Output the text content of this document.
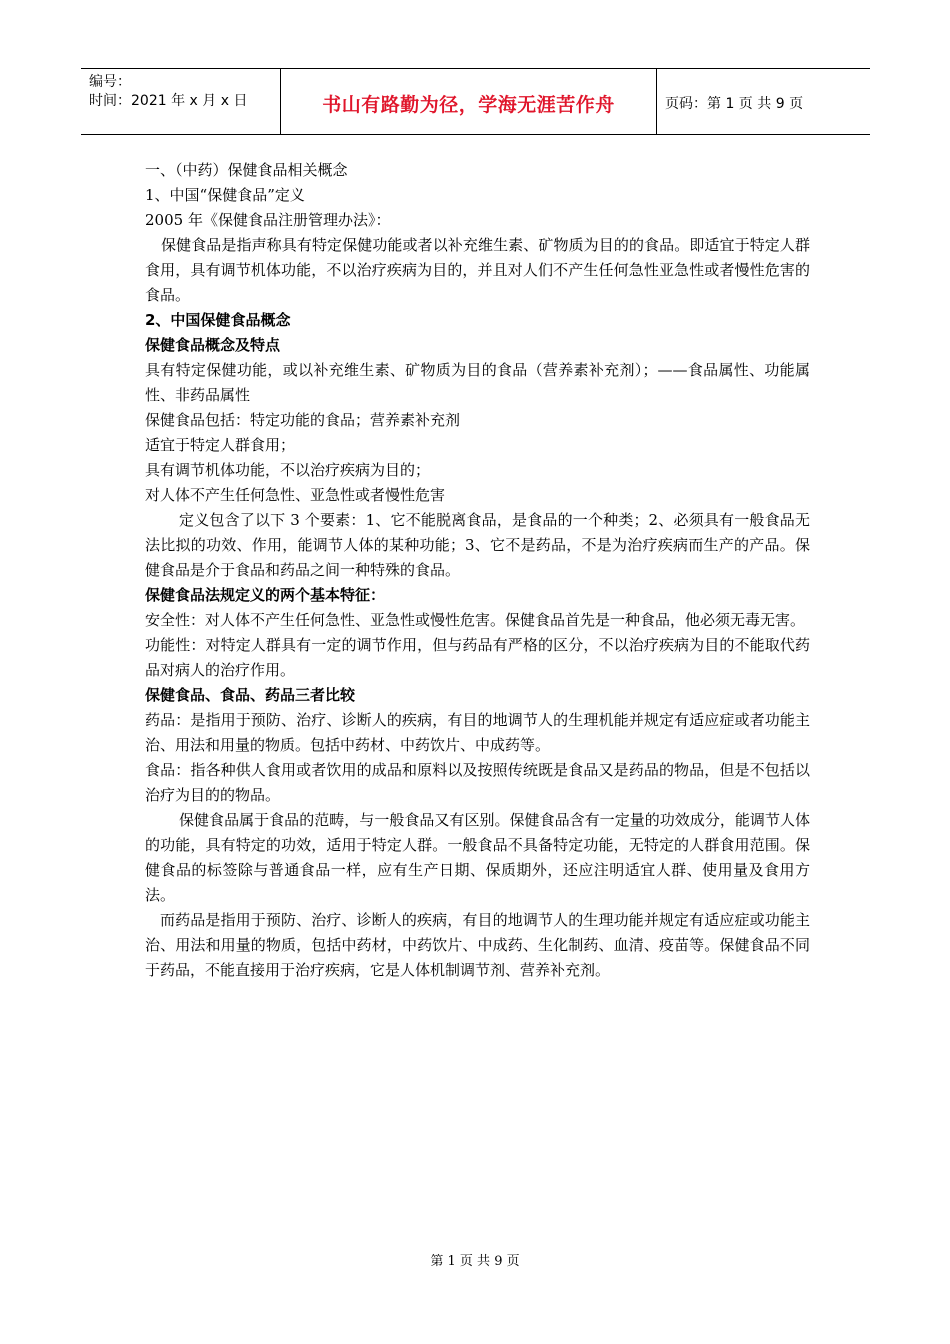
编号：
时间：2021 年 x 月 x 日	书山有路勤为径，学海无涯苦作舟	页码：第 1 页 共 9 页

一、（中药）保健食品相关概念

1、中国“保健食品”定义

2005 年《保健食品注册管理办法》：

保健食品是指声称具有特定保健功能或者以补充维生素、矿物质为目的的食品。即适宜于特定人群食用，具有调节机体功能，不以治疗疾病为目的，并且对人们不产生任何急性亚急性或者慢性危害的食品。

2、中国保健食品概念

保健食品概念及特点

具有特定保健功能，或以补充维生素、矿物质为目的食品（营养素补充剂）；——食品属性、功能属性、非药品属性

保健食品包括：特定功能的食品；营养素补充剂

适宜于特定人群食用；

具有调节机体功能，不以治疗疾病为目的；

对人体不产生任何急性、亚急性或者慢性危害

定义包含了以下 3 个要素：1、它不能脱离食品，是食品的一个种类；2、必须具有一般食品无法比拟的功效、作用，能调节人体的某种功能；3、它不是药品，不是为治疗疾病而生产的产品。保健食品是介于食品和药品之间一种特殊的食品。

保健食品法规定义的两个基本特征：

安全性：对人体不产生任何急性、亚急性或慢性危害。保健食品首先是一种食品，他必须无毒无害。

功能性：对特定人群具有一定的调节作用，但与药品有严格的区分，不以治疗疾病为目的不能取代药品对病人的治疗作用。

保健食品、食品、药品三者比较

药品：是指用于预防、治疗、诊断人的疾病，有目的地调节人的生理机能并规定有适应症或者功能主治、用法和用量的物质。包括中药材、中药饮片、中成药等。

食品：指各种供人食用或者饮用的成品和原料以及按照传统既是食品又是药品的物品，但是不包括以治疗为目的的物品。

保健食品属于食品的范畴，与一般食品又有区别。保健食品含有一定量的功效成分，能调节人体的功能，具有特定的功效，适用于特定人群。一般食品不具备特定功能，无特定的人群食用范围。保健食品的标签除与普通食品一样，应有生产日期、保质期外，还应注明适宜人群、使用量及食用方法。

而药品是指用于预防、治疗、诊断人的疾病，有目的地调节人的生理功能并规定有适应症或功能主治、用法和用量的物质，包括中药材，中药饮片、中成药、生化制药、血清、疫苗等。保健食品不同于药品，不能直接用于治疗疾病，它是人体机制调节剂、营养补充剂。

第 1 页 共 9 页
